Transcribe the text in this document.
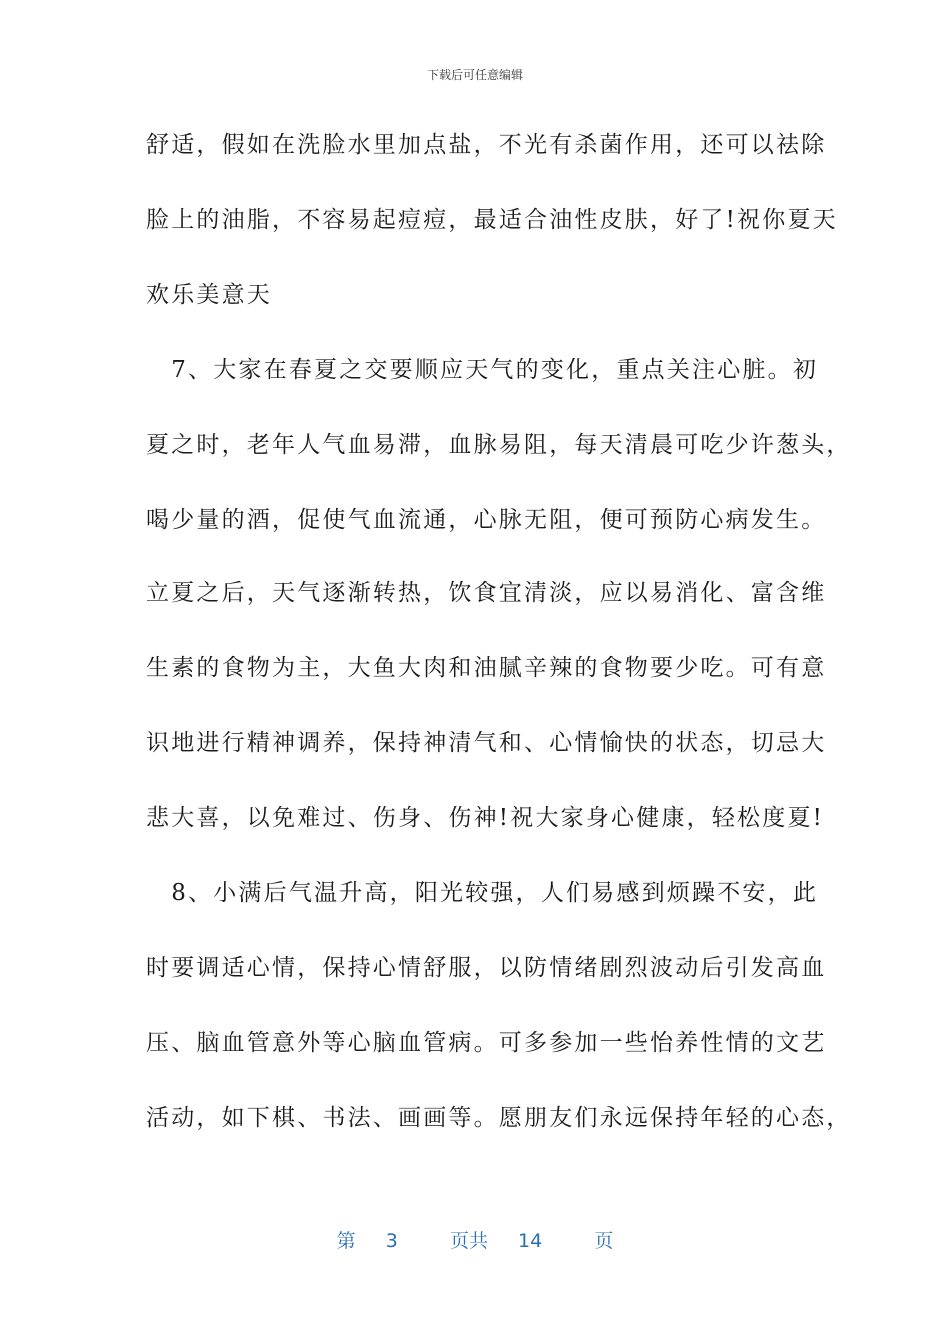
下载后可任意编辑
舒适，假如在洗脸水里加点盐，不光有杀菌作用，还可以祛除
脸上的油脂，不容易起痘痘，最适合油性皮肤，好了!祝你夏天
欢乐美意天
　7、大家在春夏之交要顺应天气的变化，重点关注心脏。初
夏之时，老年人气血易滞，血脉易阻，每天清晨可吃少许葱头，
喝少量的酒，促使气血流通，心脉无阻，便可预防心病发生。
立夏之后，天气逐渐转热，饮食宜清淡，应以易消化、富含维
生素的食物为主，大鱼大肉和油腻辛辣的食物要少吃。可有意
识地进行精神调养，保持神清气和、心情愉快的状态，切忌大
悲大喜，以免难过、伤身、伤神!祝大家身心健康，轻松度夏!
　8、小满后气温升高，阳光较强，人们易感到烦躁不安，此
时要调适心情，保持心情舒服，以防情绪剧烈波动后引发高血
压、脑血管意外等心脑血管病。可多参加一些怡养性情的文艺
活动，如下棋、书法、画画等。愿朋友们永远保持年轻的心态，
第 3	页共 14	页
